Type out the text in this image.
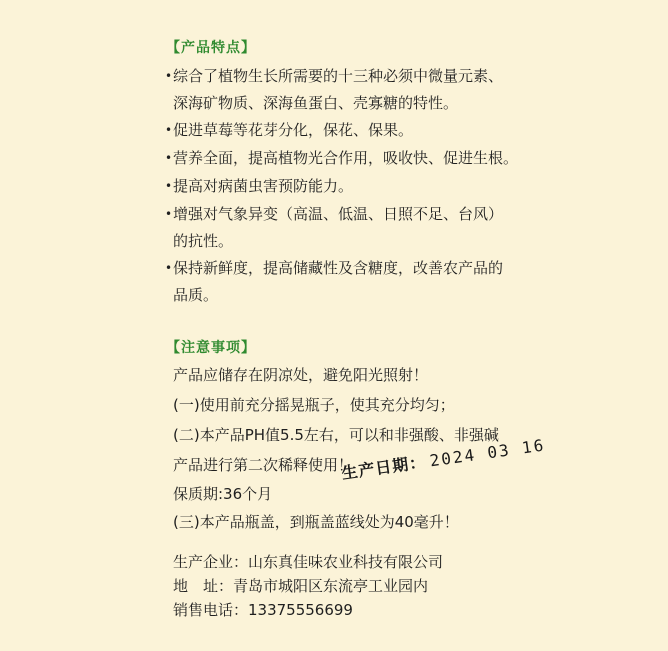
【产品特点】
• 综合了植物生长所需要的十三种必须中微量元素、
深海矿物质、深海鱼蛋白、壳寡糖的特性。
• 促进草莓等花芽分化，保花、保果。
• 营养全面，提高植物光合作用，吸收快、促进生根。
• 提高对病菌虫害预防能力。
• 增强对气象异变（高温、低温、日照不足、台风）
的抗性。
• 保持新鲜度，提高储藏性及含糖度，改善农产品的
品质。
【注意事项】
产品应储存在阴凉处，避免阳光照射！
(一)使用前充分摇晃瓶子，使其充分均匀；
(二)本产品PH值5.5左右，可以和非强酸、非强碱
产品进行第二次稀释使用！
保质期:36个月
(三)本产品瓶盖，到瓶盖蓝线处为40毫升！
生产日期：2024 03 16
生产企业：山东真佳味农业科技有限公司
地　址：青岛市城阳区东流亭工业园内
销售电话：13375556699
